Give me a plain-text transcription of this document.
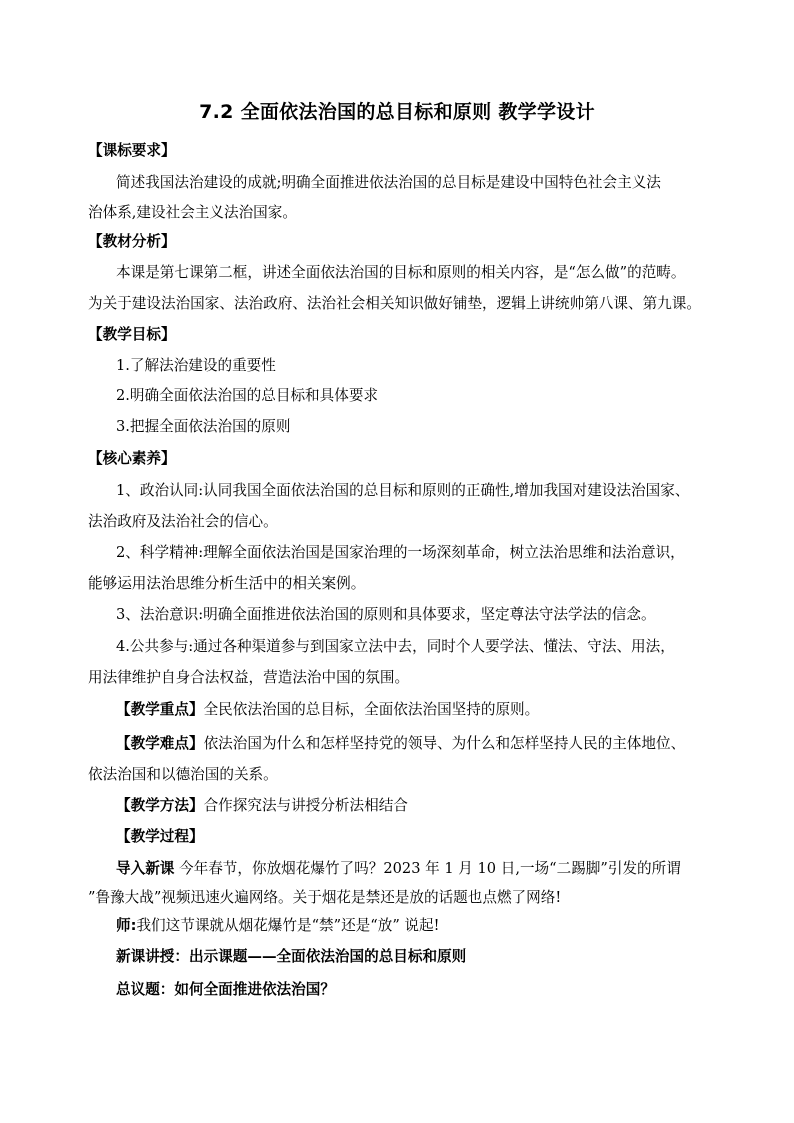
7.2 全面依法治国的总目标和原则 教学学设计
【课标要求】
简述我国法治建设的成就;明确全面推进依法治国的总目标是建设中国特色社会主义法
治体系,建设社会主义法治国家。
【教材分析】
本课是第七课第二框，讲述全面依法治国的目标和原则的相关内容，是“怎么做”的范畴。
为关于建设法治国家、法治政府、法治社会相关知识做好铺垫，逻辑上讲统帅第八课、第九课。
【教学目标】
1.了解法治建设的重要性
2.明确全面依法治国的总目标和具体要求
3.把握全面依法治国的原则
【核心素养】
1、政治认同:认同我国全面依法治国的总目标和原则的正确性,增加我国对建设法治国家、
法治政府及法治社会的信心。
2、科学精神:理解全面依法治国是国家治理的一场深刻革命，树立法治思维和法治意识，
能够运用法治思维分析生活中的相关案例。
3、法治意识:明确全面推进依法治国的原则和具体要求，坚定尊法守法学法的信念。
4.公共参与:通过各种渠道参与到国家立法中去，同时个人要学法、懂法、守法、用法，
用法律维护自身合法权益，营造法治中国的氛围。
【教学重点】全民依法治国的总目标，全面依法治国坚持的原则。
【教学难点】依法治国为什么和怎样坚持党的领导、为什么和怎样坚持人民的主体地位、
依法治国和以德治国的关系。
【教学方法】合作探究法与讲授分析法相结合
【教学过程】
导入新课 今年春节，你放烟花爆竹了吗？2023 年 1 月 10 日,一场“二踢脚”引发的所谓
”鲁豫大战”视频迅速火遍网络。关于烟花是禁还是放的话题也点燃了网络!
师:我们这节课就从烟花爆竹是“禁”还是“放” 说起!
新课讲授：出示课题——全面依法治国的总目标和原则
总议题：如何全面推进依法治国？
